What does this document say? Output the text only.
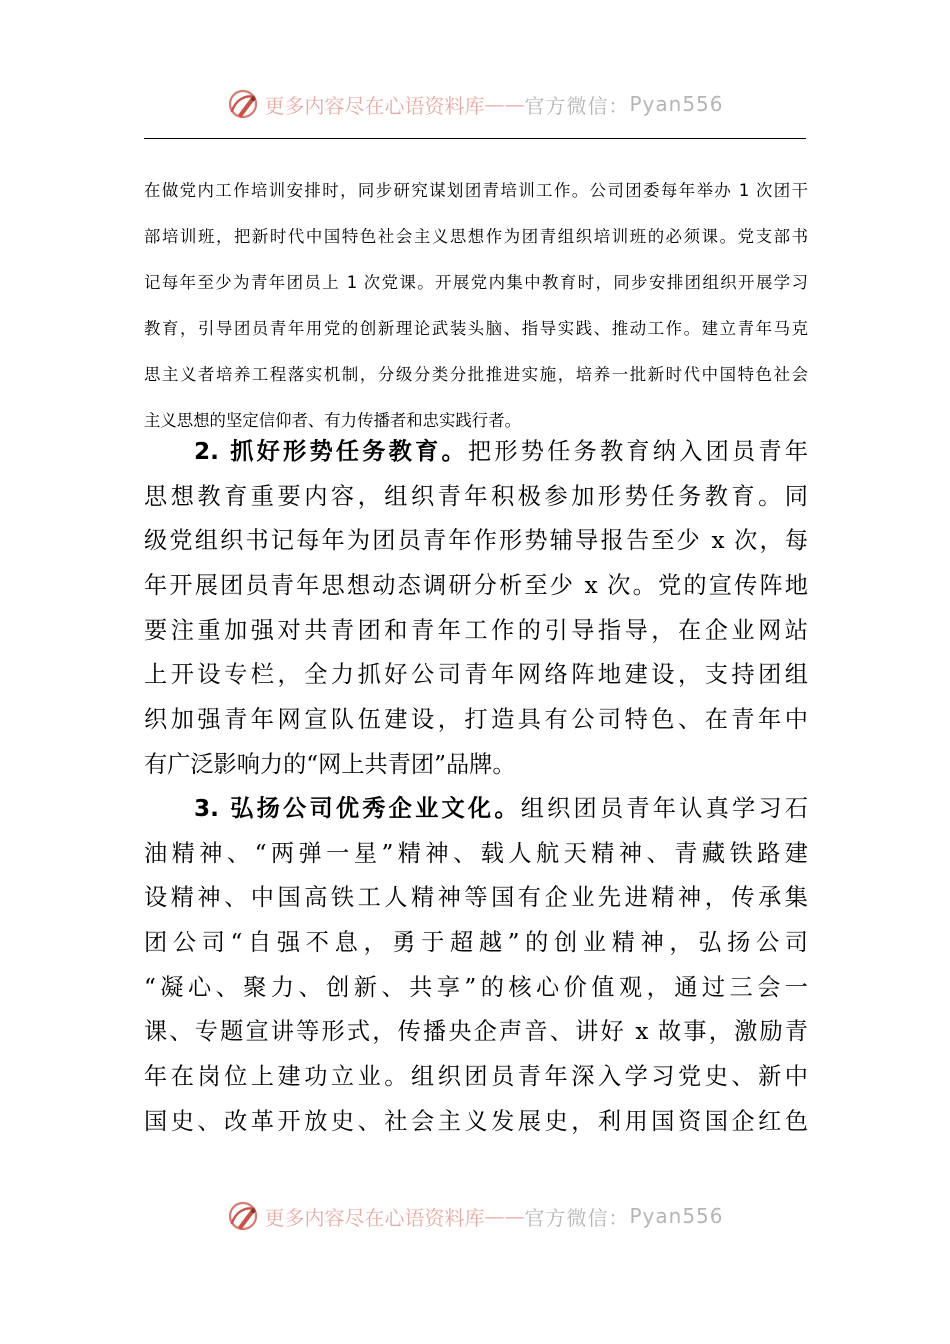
更多内容尽在心语资料库 —— 官方微信： Pyan556
在做党内工作培训安排时，同步研究谋划团青培训工作。公司团委每年举办 1 次团干
部培训班，把新时代中国特色社会主义思想作为团青组织培训班的必须课。党支部书
记每年至少为青年团员上 1 次党课。开展党内集中教育时，同步安排团组织开展学习
教育，引导团员青年用党的创新理论武装头脑、指导实践、推动工作。建立青年马克
思主义者培养工程落实机制，分级分类分批推进实施，培养一批新时代中国特色社会
主义思想的坚定信仰者、有力传播者和忠实践行者。
2. 抓好形势任务教育。把形势任务教育纳入团员青年
思想教育重要内容，组织青年积极参加形势任务教育。同
级党组织书记每年为团员青年作形势辅导报告至少 x 次，每
年开展团员青年思想动态调研分析至少 x 次。党的宣传阵地
要注重加强对共青团和青年工作的引导指导，在企业网站
上开设专栏，全力抓好公司青年网络阵地建设，支持团组
织加强青年网宣队伍建设，打造具有公司特色、在青年中
有广泛影响力的“网上共青团”品牌。
3. 弘扬公司优秀企业文化。组织团员青年认真学习石
油精神、“两弹一星”精神、载人航天精神、青藏铁路建
设精神、中国高铁工人精神等国有企业先进精神，传承集
团公司“自强不息，勇于超越”的创业精神，弘扬公司
“凝心、聚力、创新、共享”的核心价值观，通过三会一
课、专题宣讲等形式，传播央企声音、讲好 x 故事，激励青
年在岗位上建功立业。组织团员青年深入学习党史、新中
国史、改革开放史、社会主义发展史，利用国资国企红色
更多内容尽在心语资料库 —— 官方微信： Pyan556
